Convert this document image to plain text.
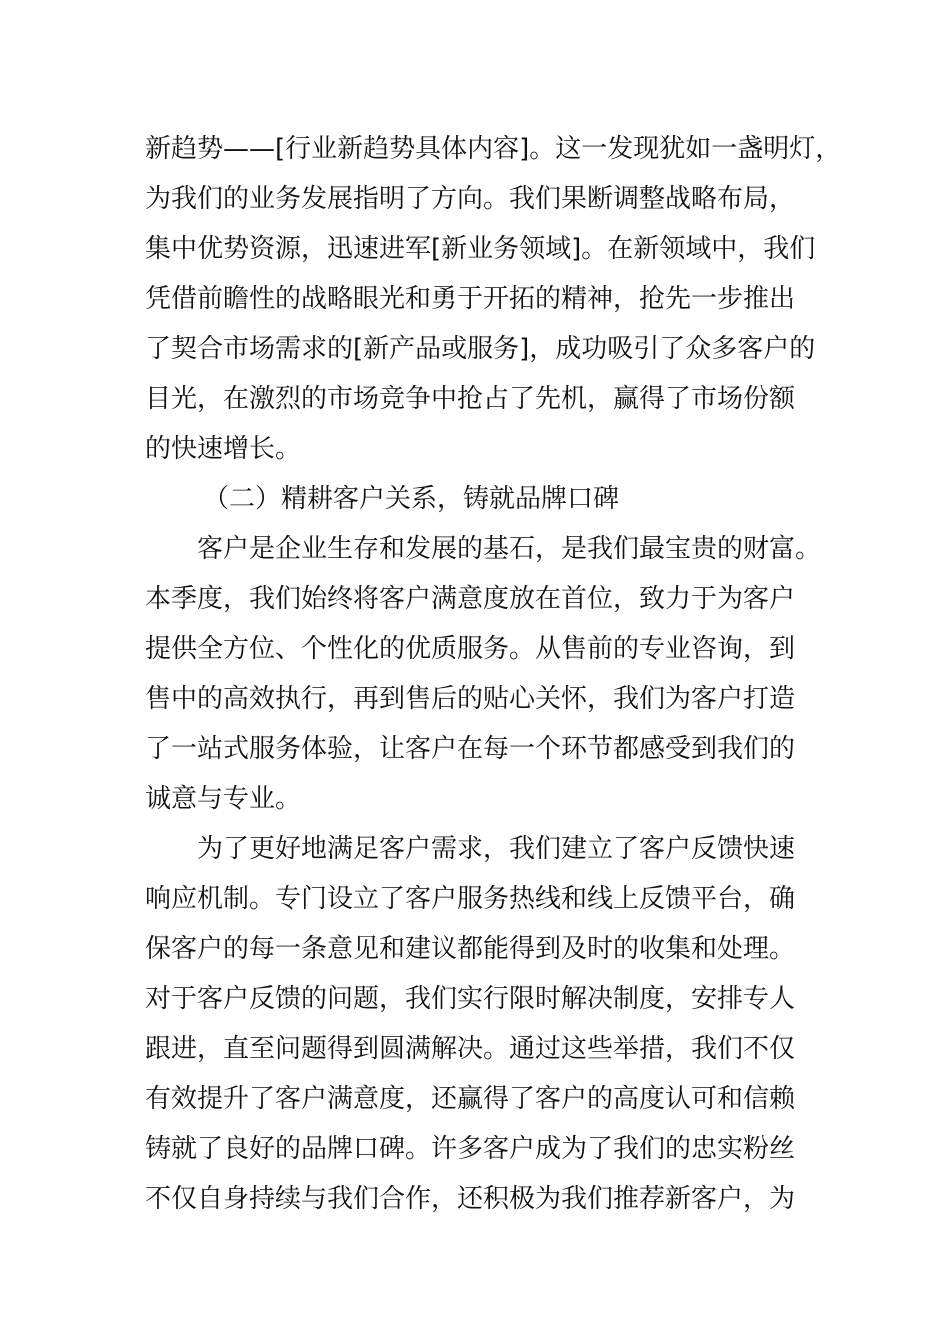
新趋势——[行业新趋势具体内容]。这一发现犹如一盏明灯，
为我们的业务发展指明了方向。我们果断调整战略布局，
集中优势资源，迅速进军[新业务领域]。在新领域中，我们
凭借前瞻性的战略眼光和勇于开拓的精神，抢先一步推出
了契合市场需求的[新产品或服务]，成功吸引了众多客户的
目光，在激烈的市场竞争中抢占了先机，赢得了市场份额
的快速增长。
（二）精耕客户关系，铸就品牌口碑
客户是企业生存和发展的基石，是我们最宝贵的财富。
本季度，我们始终将客户满意度放在首位，致力于为客户
提供全方位、个性化的优质服务。从售前的专业咨询，到
售中的高效执行，再到售后的贴心关怀，我们为客户打造
了一站式服务体验，让客户在每一个环节都感受到我们的
诚意与专业。
为了更好地满足客户需求，我们建立了客户反馈快速
响应机制。专门设立了客户服务热线和线上反馈平台，确
保客户的每一条意见和建议都能得到及时的收集和处理。
对于客户反馈的问题，我们实行限时解决制度，安排专人
跟进，直至问题得到圆满解决。通过这些举措，我们不仅
有效提升了客户满意度，还赢得了客户的高度认可和信赖
铸就了良好的品牌口碑。许多客户成为了我们的忠实粉丝
不仅自身持续与我们合作，还积极为我们推荐新客户，为
